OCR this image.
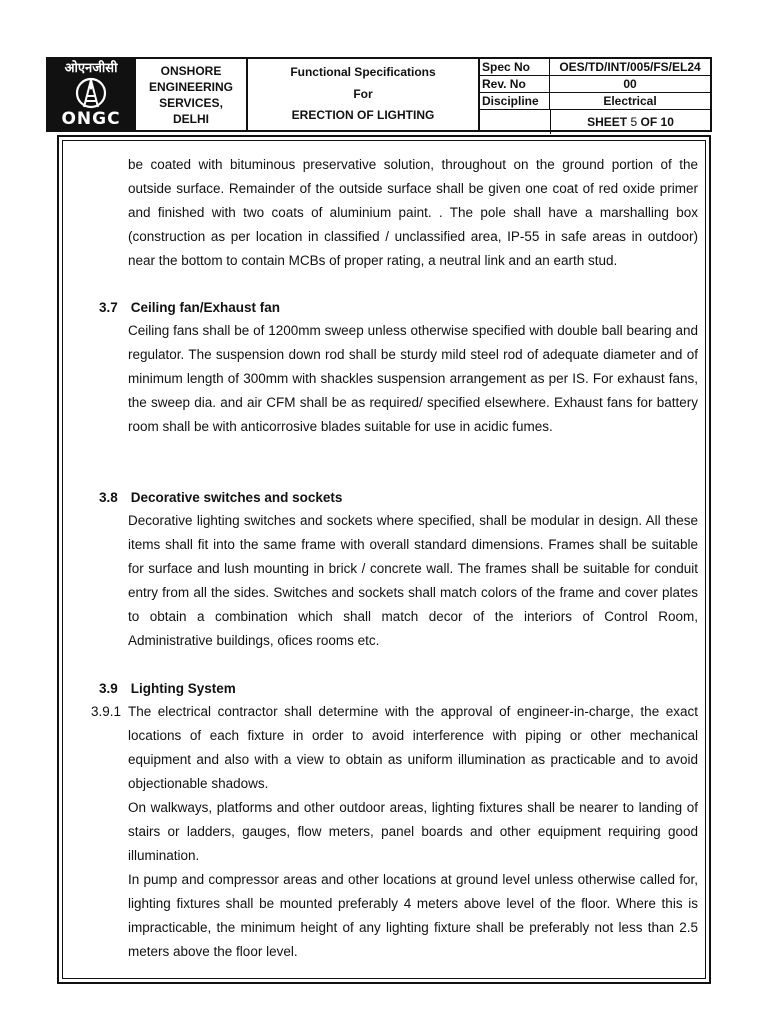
ओएनजीसी
ONGC
ONSHORE
ENGINEERING
SERVICES,
DELHI
Functional Specifications
For
ERECTION OF LIGHTING
Spec No	OES/TD/INT/005/FS/EL24
Rev. No	00
Discipline	Electrical
SHEET 5 OF 10

be coated with bituminous preservative solution, throughout on the ground portion of the outside surface. Remainder of the outside surface shall be given one coat of red oxide primer and finished with two coats of aluminium paint. . The pole shall have a marshalling box (construction as per location in classified / unclassified area, IP-55 in safe areas in outdoor) near the bottom to contain MCBs of proper rating, a neutral link and an earth stud.

3.7 Ceiling fan/Exhaust fan

Ceiling fans shall be of 1200mm sweep unless otherwise specified with double ball bearing and regulator. The suspension down rod shall be sturdy mild steel rod of adequate diameter and of minimum length of 300mm with shackles suspension arrangement as per IS. For exhaust fans, the sweep dia. and air CFM shall be as required/ specified elsewhere. Exhaust fans for battery room shall be with anticorrosive blades suitable for use in acidic fumes.

3.8 Decorative switches and sockets

Decorative lighting switches and sockets where specified, shall be modular in design. All these items shall fit into the same frame with overall standard dimensions. Frames shall be suitable for surface and lush mounting in brick / concrete wall. The frames shall be suitable for conduit entry from all the sides. Switches and sockets shall match colors of the frame and cover plates to obtain a combination which shall match decor of the interiors of Control Room, Administrative buildings, ofices rooms etc.

3.9 Lighting System
3.9.1 The electrical contractor shall determine with the approval of engineer-in-charge, the exact locations of each fixture in order to avoid interference with piping or other mechanical equipment and also with a view to obtain as uniform illumination as practicable and to avoid objectionable shadows.

On walkways, platforms and other outdoor areas, lighting fixtures shall be nearer to landing of stairs or ladders, gauges, flow meters, panel boards and other equipment requiring good illumination.

In pump and compressor areas and other locations at ground level unless otherwise called for, lighting fixtures shall be mounted preferably 4 meters above level of the floor. Where this is impracticable, the minimum height of any lighting fixture shall be preferably not less than 2.5 meters above the floor level.
